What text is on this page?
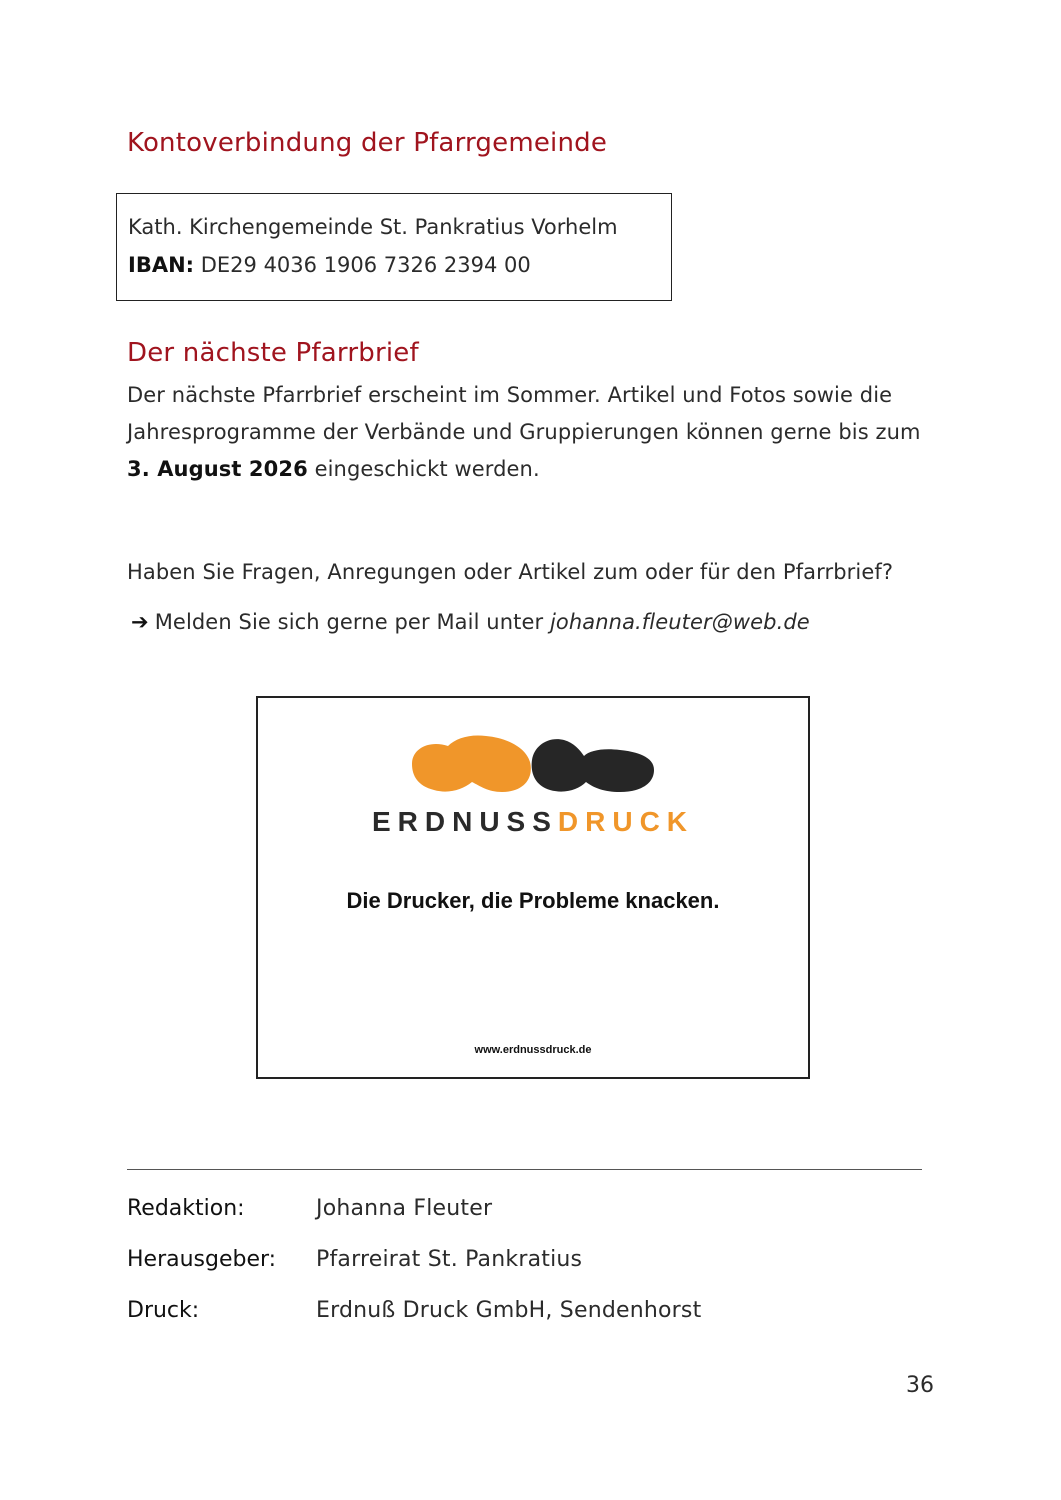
Kontoverbindung der Pfarrgemeinde
Kath. Kirchengemeinde St. Pankratius Vorhelm
IBAN: DE29 4036 1906 7326 2394 00
Der nächste Pfarrbrief

Der nächste Pfarrbrief erscheint im Sommer. Artikel und Fotos sowie die Jahresprogramme der Verbände und Gruppierungen können gerne bis zum 3. August 2026 eingeschickt werden.

Haben Sie Fragen, Anregungen oder Artikel zum oder für den Pfarrbrief?

➔ Melden Sie sich gerne per Mail unter johanna.fleuter@web.de

ERDNUSSDRUCK
Die Drucker, die Probleme knacken.
www.erdnussdruck.de

Redaktion:	Johanna Fleuter

Herausgeber: Pfarreirat St. Pankratius

Druck:	Erdnuß Druck GmbH, Sendenhorst

36
